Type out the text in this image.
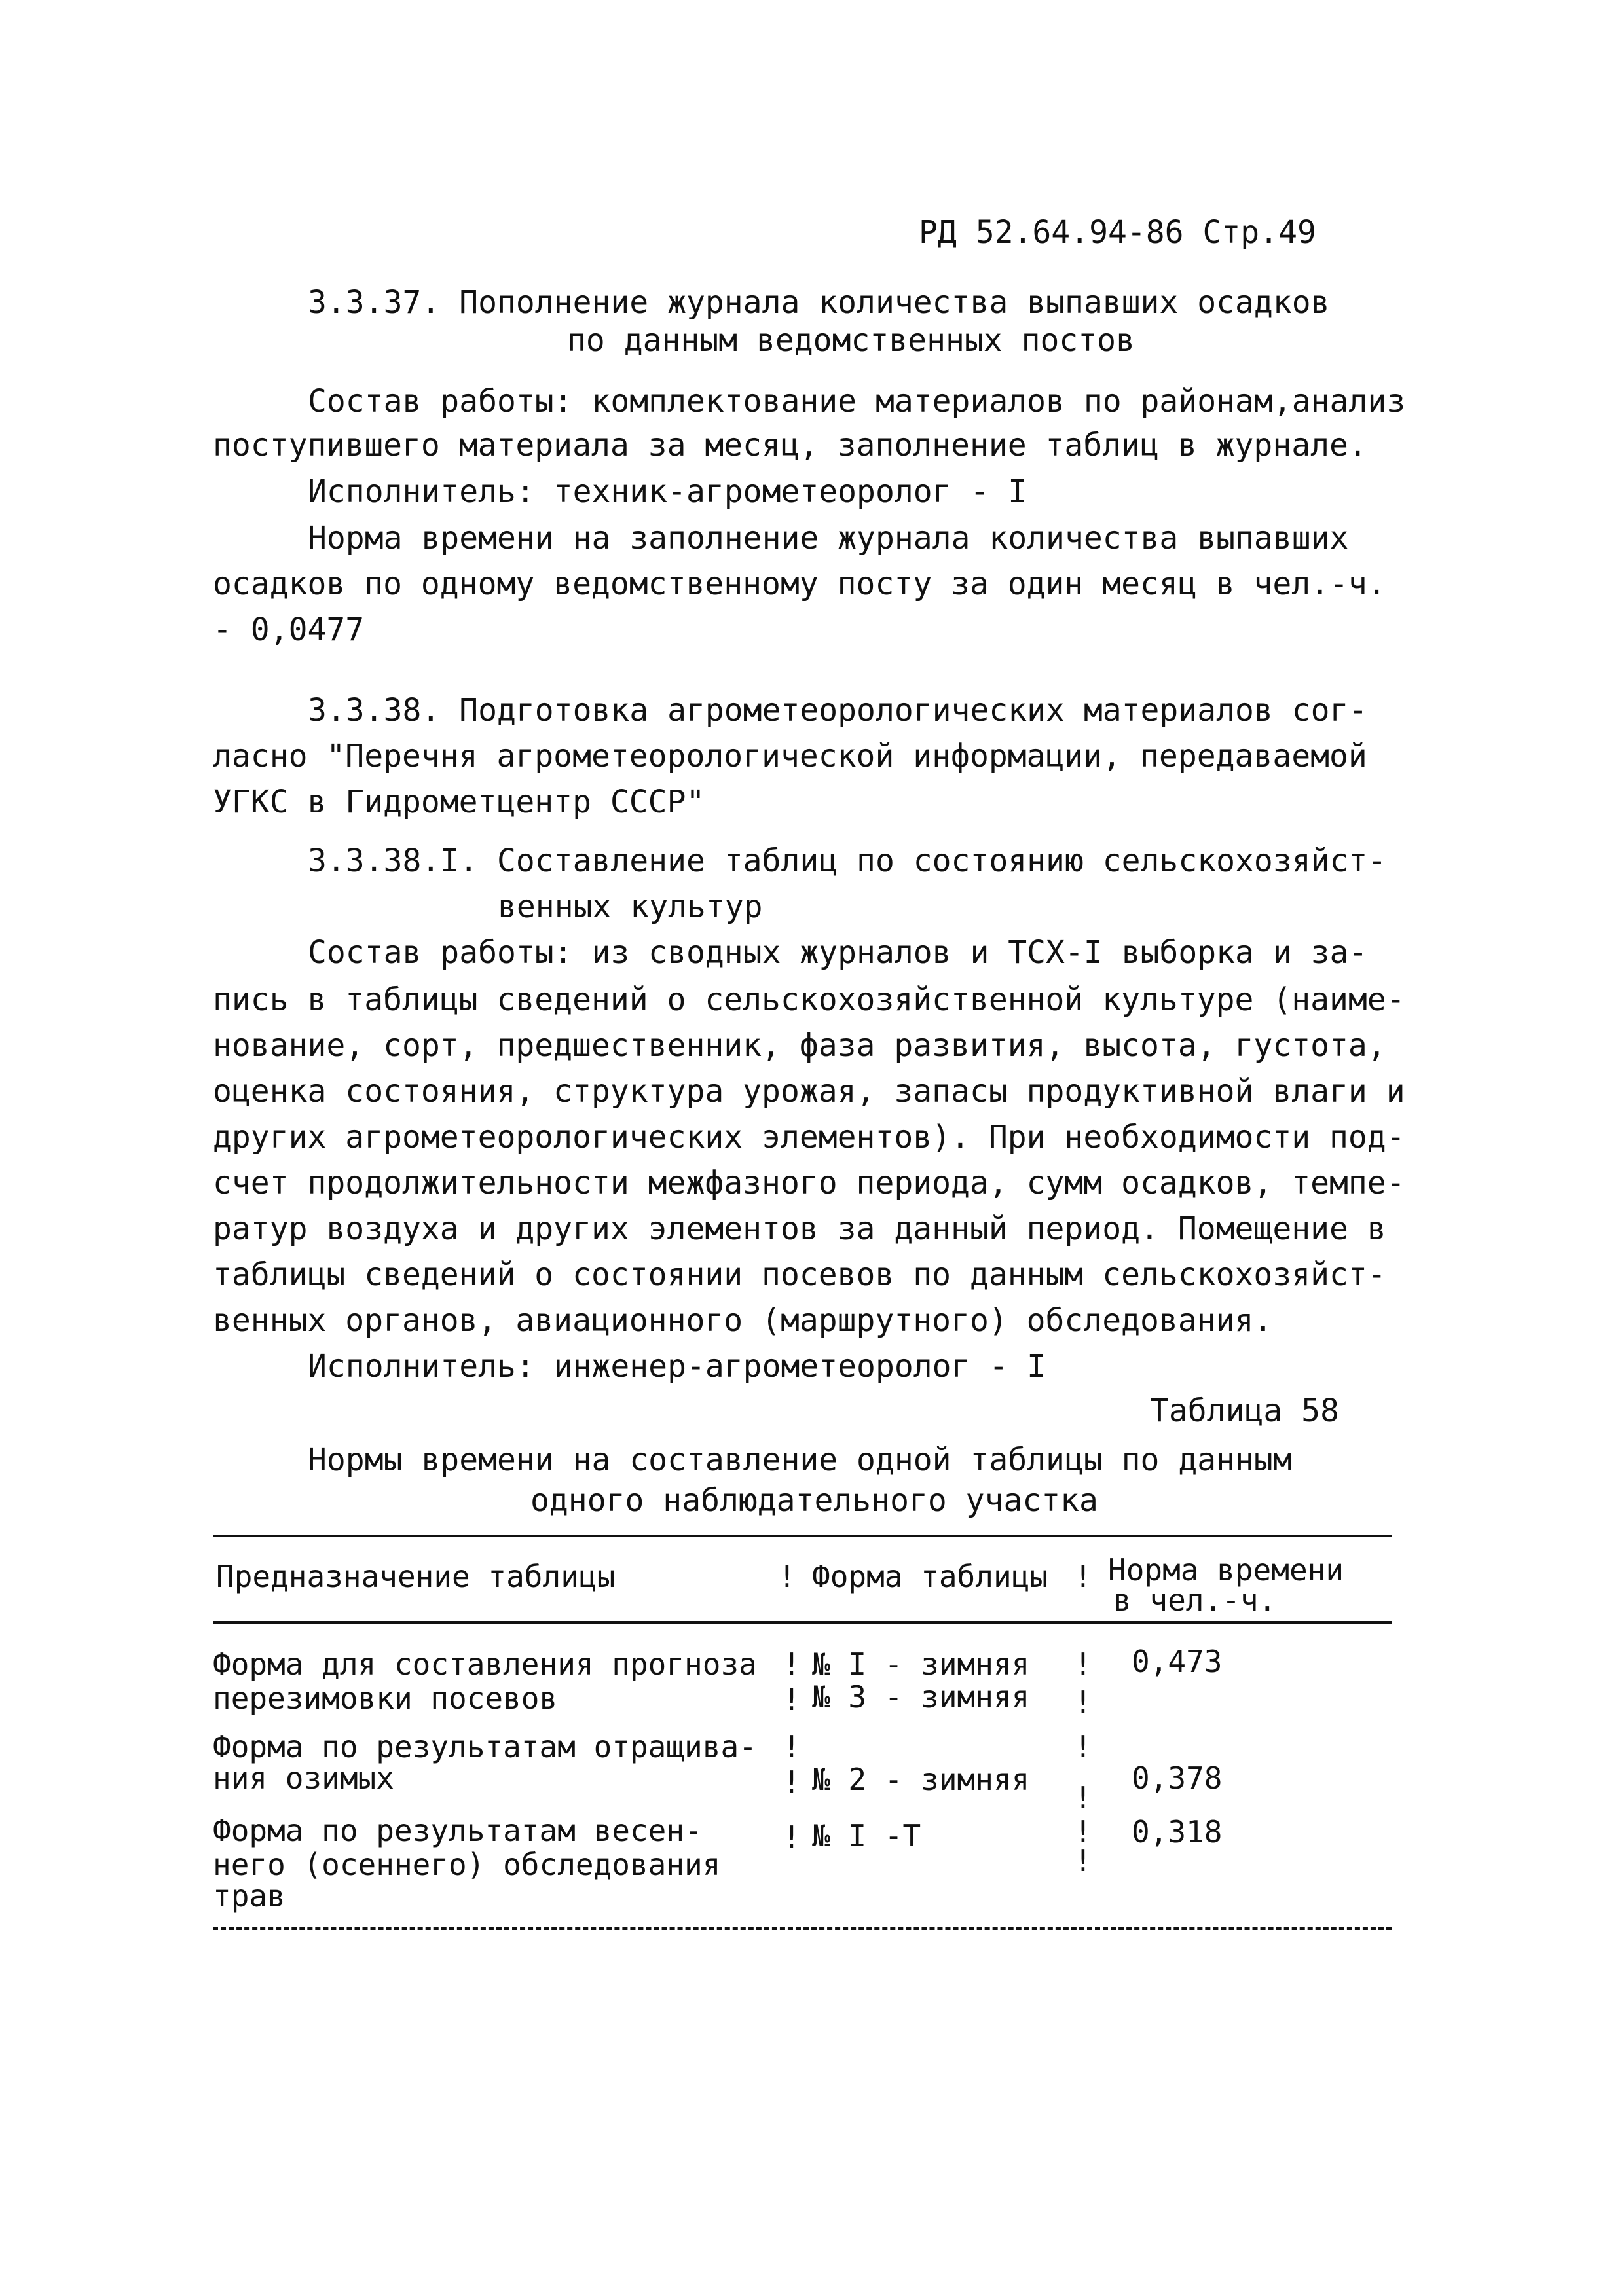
РД 52.64.94-86 Стр.49
3.3.37. Пополнение журнала количества выпавших осадков
по данным ведомственных постов
Состав работы: комплектование материалов по районам,анализ
поступившего материала за месяц, заполнение таблиц в журнале.
Исполнитель: техник-агрометеоролог - I
Норма времени на заполнение журнала количества выпавших
осадков по одному ведомственному посту за один месяц в чел.-ч.
- 0,0477
3.3.38. Подготовка агрометеорологических материалов сог-
ласно "Перечня агрометеорологической информации, передаваемой
УГКС в Гидрометцентр СССР"
3.3.38.I. Составление таблиц по состоянию сельскохозяйст-
венных культур
Состав работы: из сводных журналов и ТСХ-I выборка и за-
пись в таблицы сведений о сельскохозяйственной культуре (наиме-
нование, сорт, предшественник, фаза развития, высота, густота,
оценка состояния, структура урожая, запасы продуктивной влаги и
других агрометеорологических элементов). При необходимости под-
счет продолжительности межфазного периода, сумм осадков, темпе-
ратур воздуха и других элементов за данный период. Помещение в
таблицы сведений о состоянии посевов по данным сельскохозяйст-
венных органов, авиационного (маршрутного) обследования.
Исполнитель: инженер-агрометеоролог - I
Таблица 58
Нормы времени на составление одной таблицы по данным
одного наблюдательного участка
Предназначение таблицы	! Форма таблицы ! Норма времени
в чел.-ч.
Форма для составления прогноза
перезимовки посевов
!
!
№ I - зимняя
№ 3 - зимняя
!
!
0,473
Форма по результатам отращива-
ния озимых
!
! № 2 - зимняя
!
!
0,378
Форма по результатам весен-
него (осеннего) обследования
трав
! № I -Т	!
!
0,318
